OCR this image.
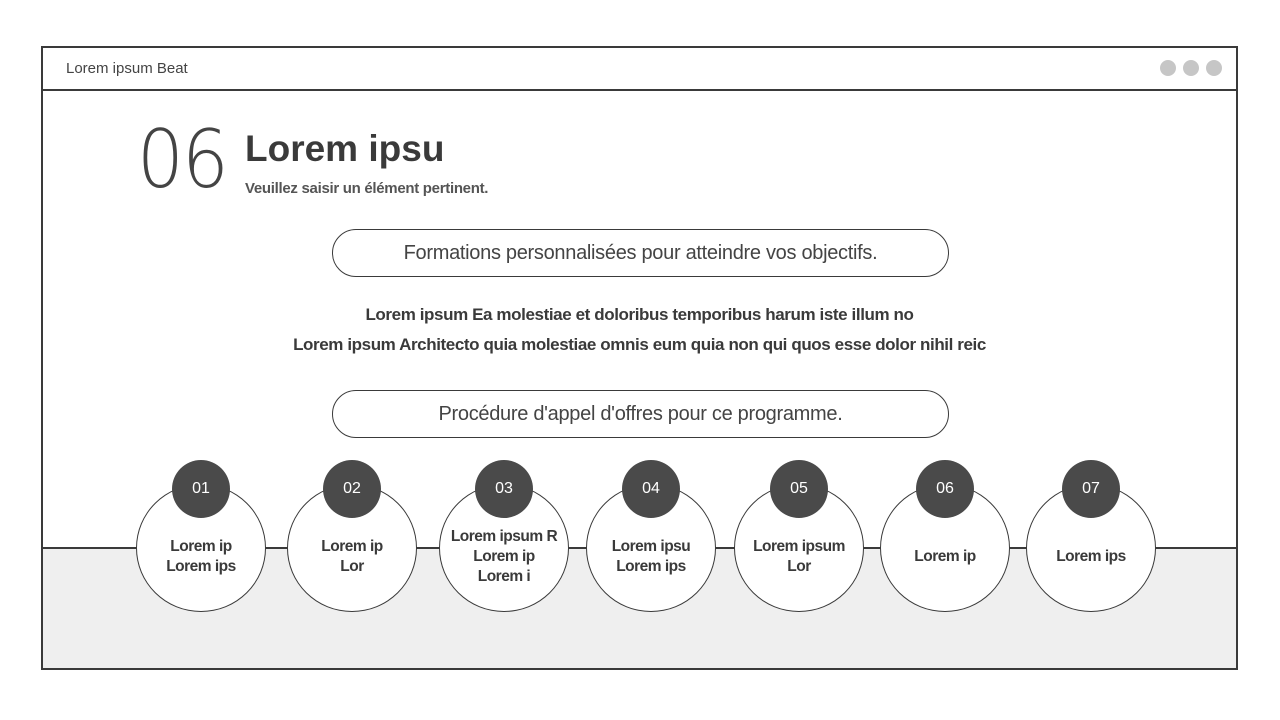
Lorem ipsum Beat
06 Lorem ipsu
Veuillez saisir un élément pertinent.
Formations personnalisées pour atteindre vos objectifs.
Lorem ipsum Ea molestiae et doloribus temporibus harum iste illum no
Lorem ipsum Architecto quia molestiae omnis eum quia non qui quos esse dolor nihil reic
Procédure d'appel d'offres pour ce programme.
Lorem ip
Lorem ips
01
Lorem ip
Lor
02
Lorem ipsum R
Lorem ip
Lorem i
03
Lorem ipsu
Lorem ips
04
Lorem ipsum
Lor
05
Lorem ip
06
Lorem ips
07
